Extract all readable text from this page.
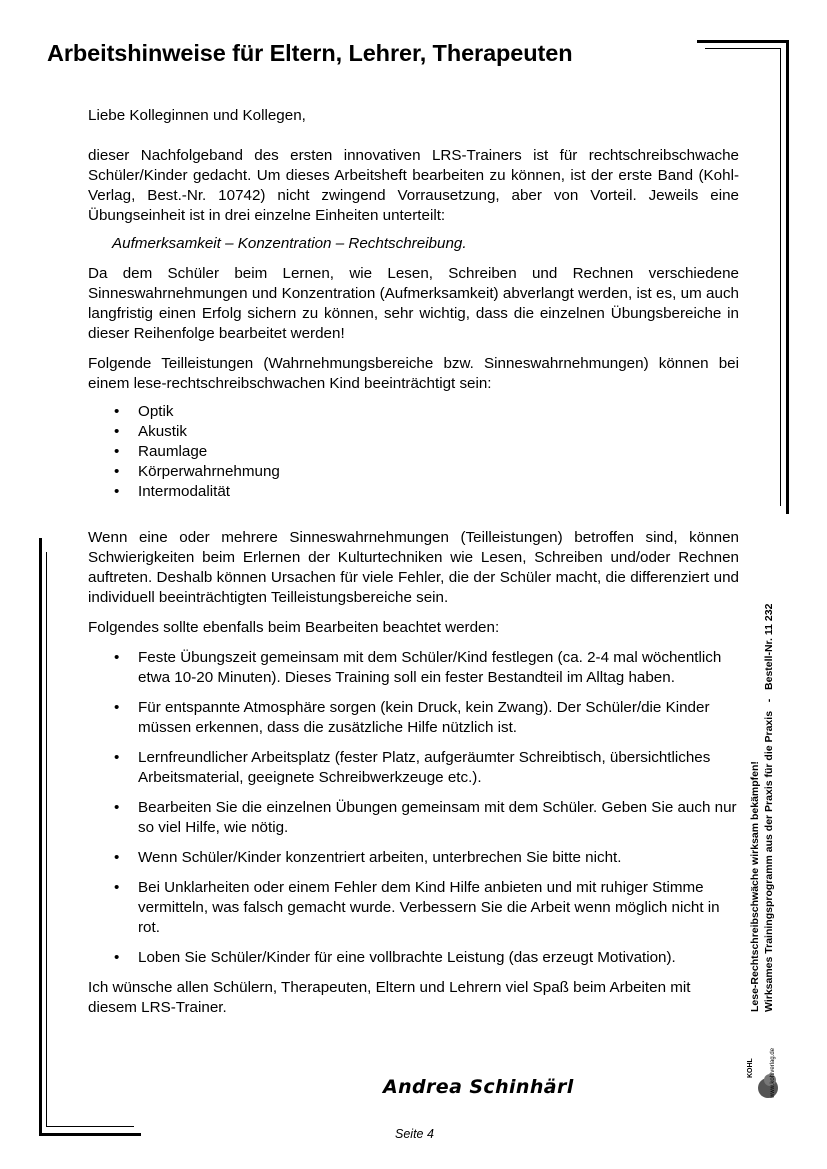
Arbeitshinweise für Eltern, Lehrer, Therapeuten

Liebe Kolleginnen und Kollegen,

dieser Nachfolgeband des ersten innovativen LRS-Trainers ist für rechtschreibschwache Schüler/Kinder gedacht. Um dieses Arbeitsheft bearbeiten zu können, ist der erste Band (Kohl-Verlag, Best.-Nr. 10742) nicht zwingend Vorrausetzung, aber von Vorteil. Jeweils eine Übungseinheit ist in drei einzelne Einheiten unterteilt:

Aufmerksamkeit – Konzentration – Rechtschreibung.

Da dem Schüler beim Lernen, wie Lesen, Schreiben und Rechnen verschiedene Sinneswahrnehmungen und Konzentration (Aufmerksamkeit) abverlangt werden, ist es, um auch langfristig einen Erfolg sichern zu können, sehr wichtig, dass die einzelnen Übungsbereiche in dieser Reihenfolge bearbeitet werden!

Folgende Teilleistungen (Wahrnehmungsbereiche bzw. Sinneswahrnehmungen) können bei einem lese-rechtschreibschwachen Kind beeinträchtigt sein:

• Optik
• Akustik
• Raumlage
• Körperwahrnehmung
• Intermodalität

Wenn eine oder mehrere Sinneswahrnehmungen (Teilleistungen) betroffen sind, können Schwierigkeiten beim Erlernen der Kulturtechniken wie Lesen, Schreiben und/oder Rechnen auftreten. Deshalb können Ursachen für viele Fehler, die der Schüler macht, die differenziert und individuell beeinträchtigten Teilleistungsbereiche sein.

Folgendes sollte ebenfalls beim Bearbeiten beachtet werden:

• Feste Übungszeit gemeinsam mit dem Schüler/Kind festlegen (ca. 2-4 mal wöchentlich etwa 10-20 Minuten). Dieses Training soll ein fester Bestandteil im Alltag haben.
• Für entspannte Atmosphäre sorgen (kein Druck, kein Zwang). Der Schüler/die Kinder müssen erkennen, dass die zusätzliche Hilfe nützlich ist.
• Lernfreundlicher Arbeitsplatz (fester Platz, aufgeräumter Schreibtisch, übersichtliches Arbeitsmaterial, geeignete Schreibwerkzeuge etc.).
• Bearbeiten Sie die einzelnen Übungen gemeinsam mit dem Schüler. Geben Sie auch nur so viel Hilfe, wie nötig.
• Wenn Schüler/Kinder konzentriert arbeiten, unterbrechen Sie bitte nicht.
• Bei Unklarheiten oder einem Fehler dem Kind Hilfe anbieten und mit ruhiger Stimme vermitteln, was falsch gemacht wurde. Verbessern Sie die Arbeit wenn möglich nicht in rot.
• Loben Sie Schüler/Kinder für eine vollbrachte Leistung (das erzeugt Motivation).

Ich wünsche allen Schülern, Therapeuten, Eltern und Lehrern viel Spaß beim Arbeiten mit diesem LRS-Trainer.

Andrea Schinhärl
Seite 4
KOHL	www.kohlverlag.de
Lese-Rechtschreibschwäche wirksam bekämpfen! Wirksames Trainingsprogramm aus der Praxis für die Praxis   -   Bestell-Nr. 11 232
